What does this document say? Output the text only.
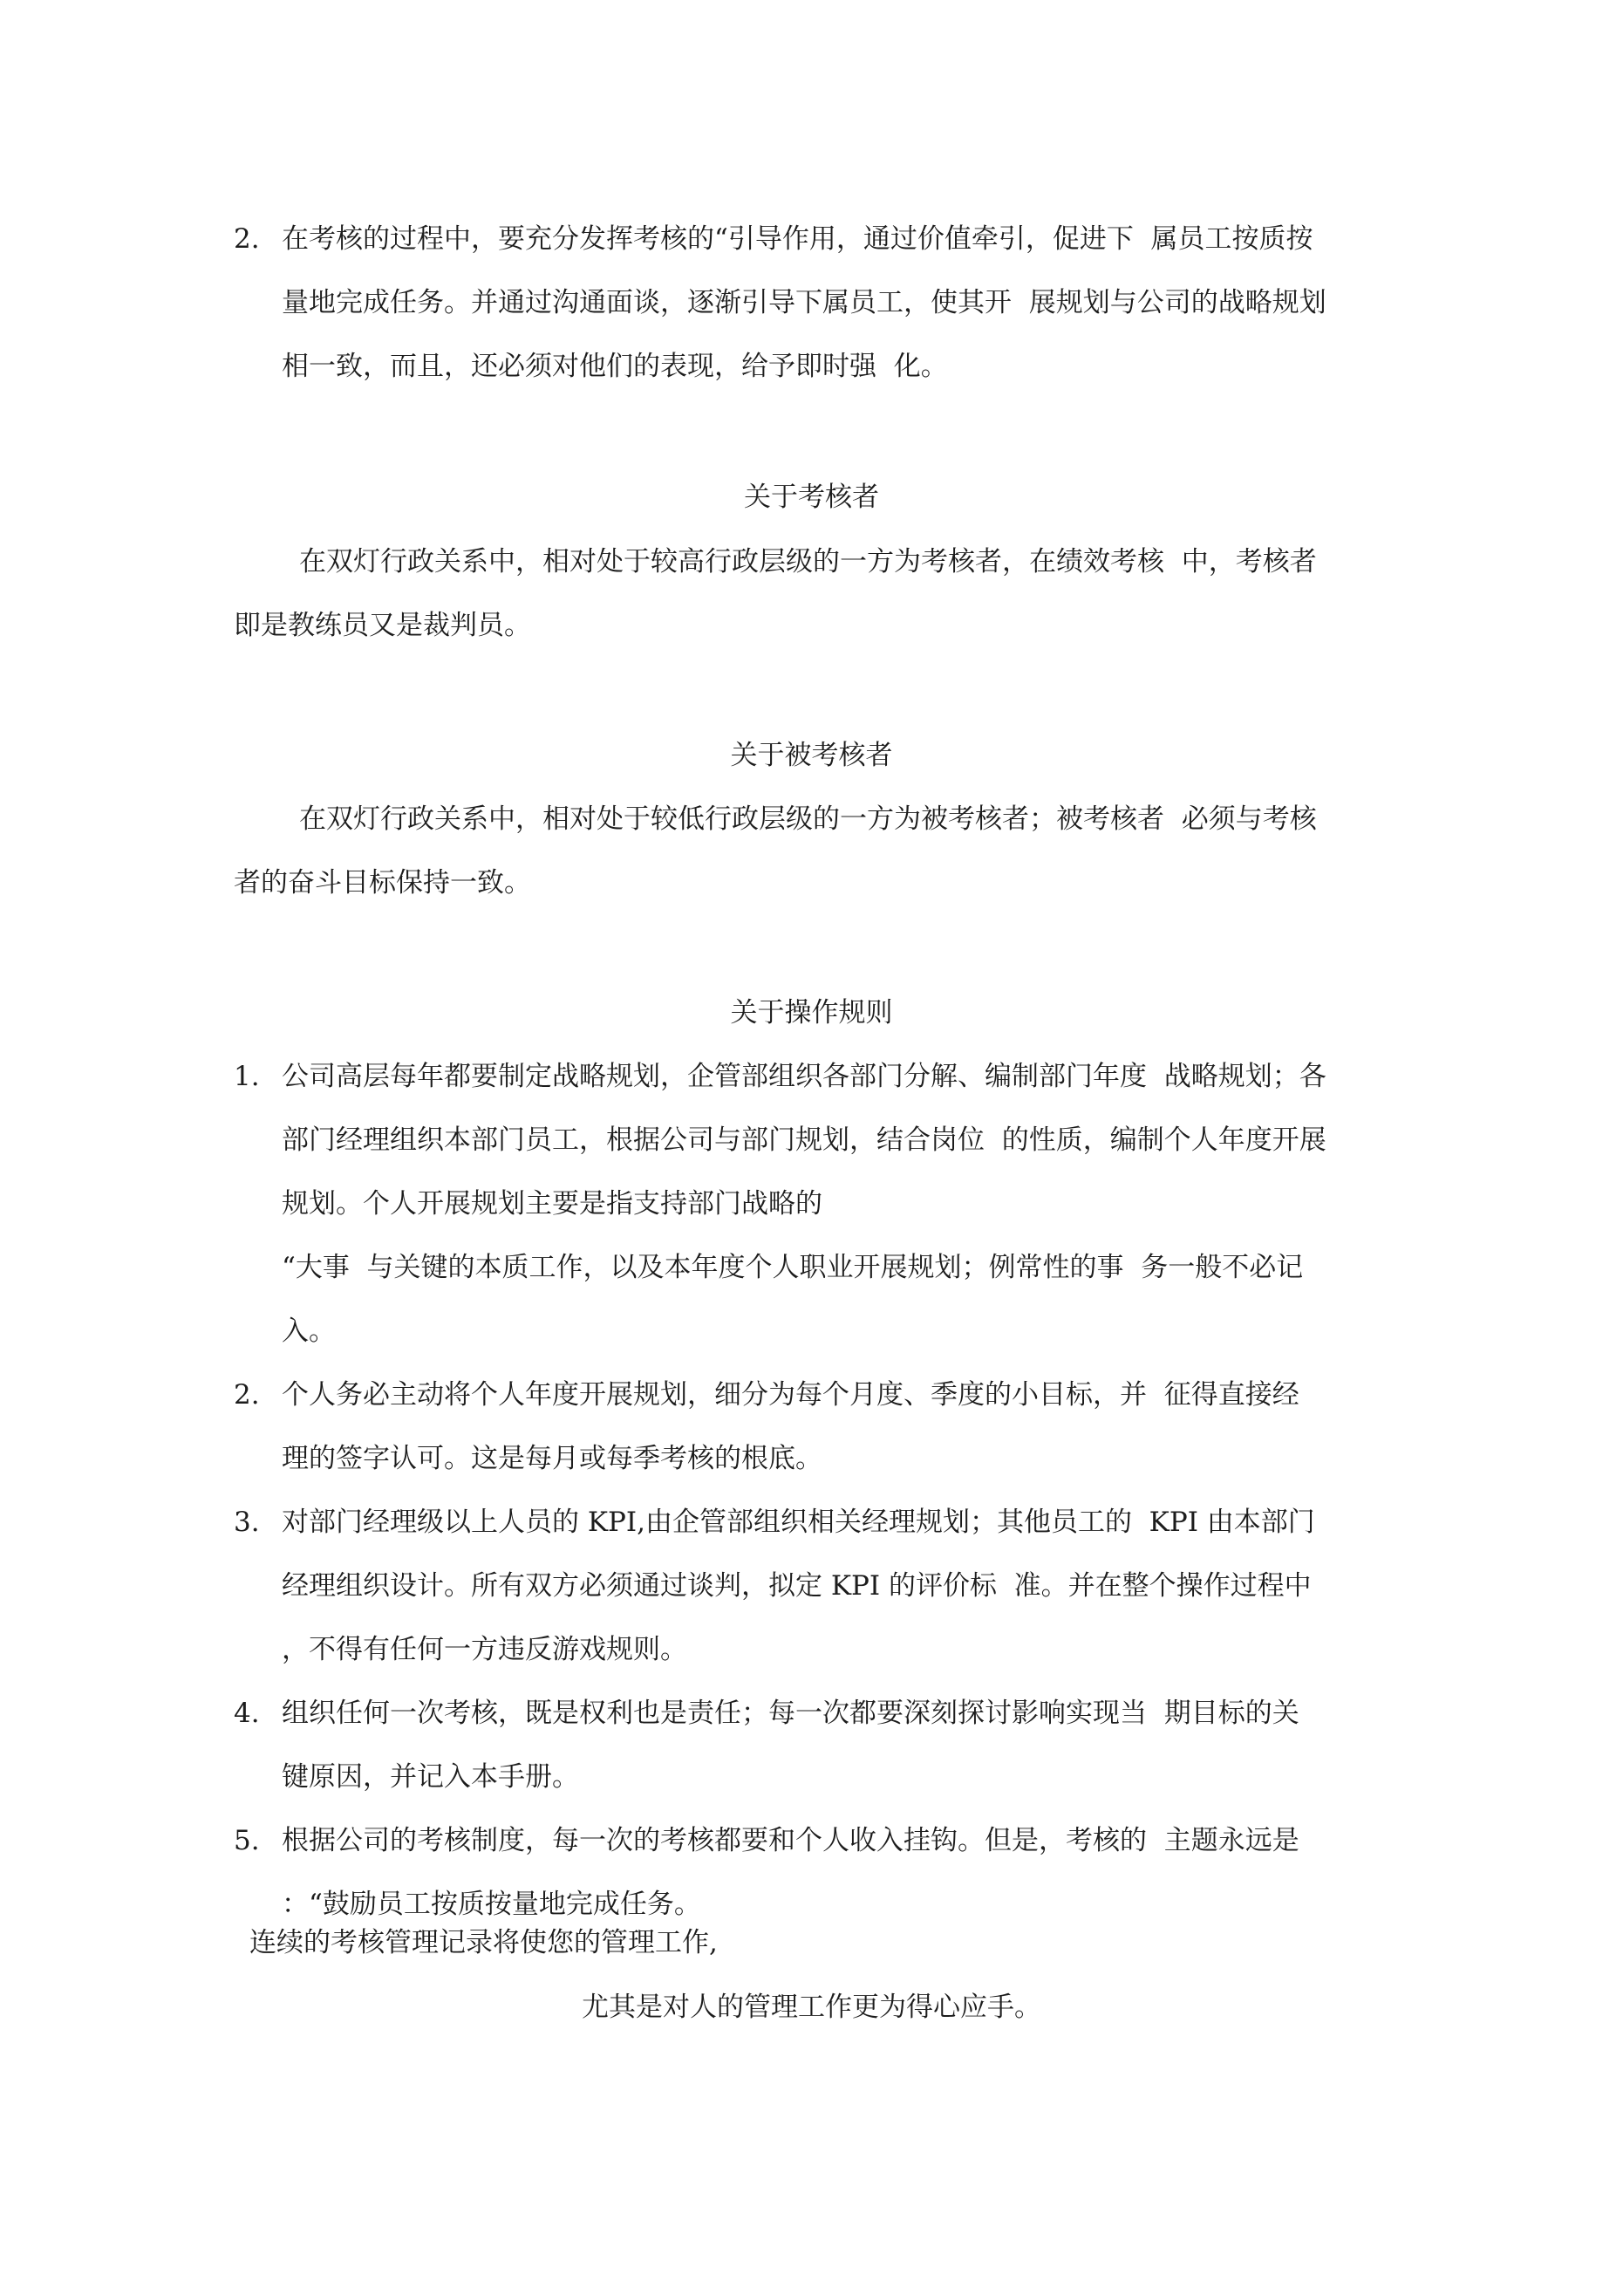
2. 在考核的过程中，要充分发挥考核的“引导作用，通过价值牵引，促进下  属员工按质按
量地完成任务。并通过沟通面谈，逐渐引导下属员工，使其开  展规划与公司的战略规划
相一致，而且，还必须对他们的表现，给予即时强  化。
关于考核者
在双灯行政关系中，相对处于较高行政层级的一方为考核者，在绩效考核  中，考核者
即是教练员又是裁判员。
关于被考核者
在双灯行政关系中，相对处于较低行政层级的一方为被考核者；被考核者  必须与考核
者的奋斗目标保持一致。
关于操作规则
1. 公司高层每年都要制定战略规划，企管部组织各部门分解、编制部门年度  战略规划；各
部门经理组织本部门员工，根据公司与部门规划，结合岗位  的性质，编制个人年度开展
规划。个人开展规划主要是指支持部门战略的
“大事  与关键的本质工作，以及本年度个人职业开展规划；例常性的事  务一般不必记
入。
2. 个人务必主动将个人年度开展规划，细分为每个月度、季度的小目标，并  征得直接经
理的签字认可。这是每月或每季考核的根底。
3. 对部门经理级以上人员的 KPI,由企管部组织相关经理规划；其他员工的  KPI 由本部门
经理组织设计。所有双方必须通过谈判，拟定 KPI 的评价标  准。并在整个操作过程中
，不得有任何一方违反游戏规则。
4. 组织任何一次考核，既是权利也是责任；每一次都要深刻探讨影响实现当  期目标的关
键原因，并记入本手册。
5. 根据公司的考核制度，每一次的考核都要和个人收入挂钩。但是，考核的  主题永远是
：“鼓励员工按质按量地完成任务。
连续的考核管理记录将使您的管理工作,
尤其是对人的管理工作更为得心应手。
